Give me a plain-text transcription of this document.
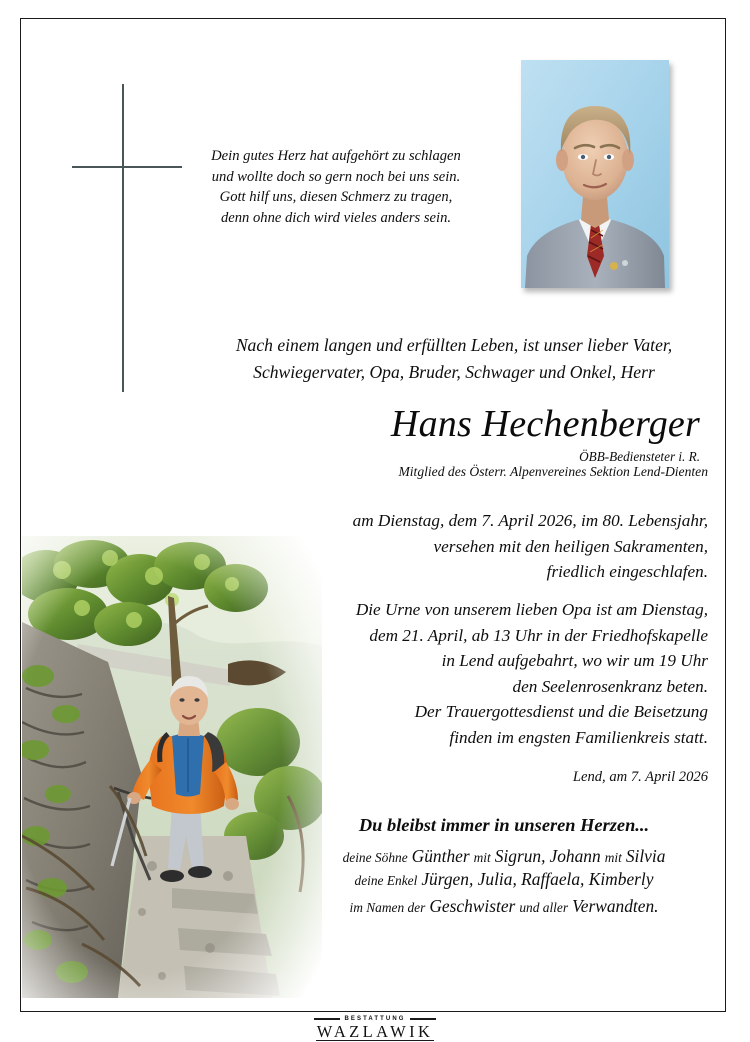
Dein gutes Herz hat aufgehört zu schlagen
und wollte doch so gern noch bei uns sein.
Gott hilf uns, diesen Schmerz zu tragen,
denn ohne dich wird vieles anders sein.
Nach einem langen und erfüllten Leben, ist unser lieber Vater,
Schwiegervater, Opa, Bruder, Schwager und Onkel, Herr
Hans Hechenberger
ÖBB-Bediensteter i. R.
Mitglied des Österr. Alpenvereines Sektion Lend-Dienten
am Dienstag, dem 7. April 2026, im 80. Lebensjahr,
versehen mit den heiligen Sakramenten,
friedlich eingeschlafen.
Die Urne von unserem lieben Opa ist am Dienstag,
dem 21. April, ab 13 Uhr in der Friedhofskapelle
in Lend aufgebahrt, wo wir um 19 Uhr
den Seelenrosenkranz beten.
Der Trauergottesdienst und die Beisetzung
finden im engsten Familienkreis statt.
Lend, am 7. April 2026
Du bleibst immer in unseren Herzen...
deine Söhne Günther mit Sigrun, Johann mit Silvia
deine Enkel Jürgen, Julia, Raffaela, Kimberly
im Namen der Geschwister und aller Verwandten.
BESTATTUNG
WAZLAWIK
